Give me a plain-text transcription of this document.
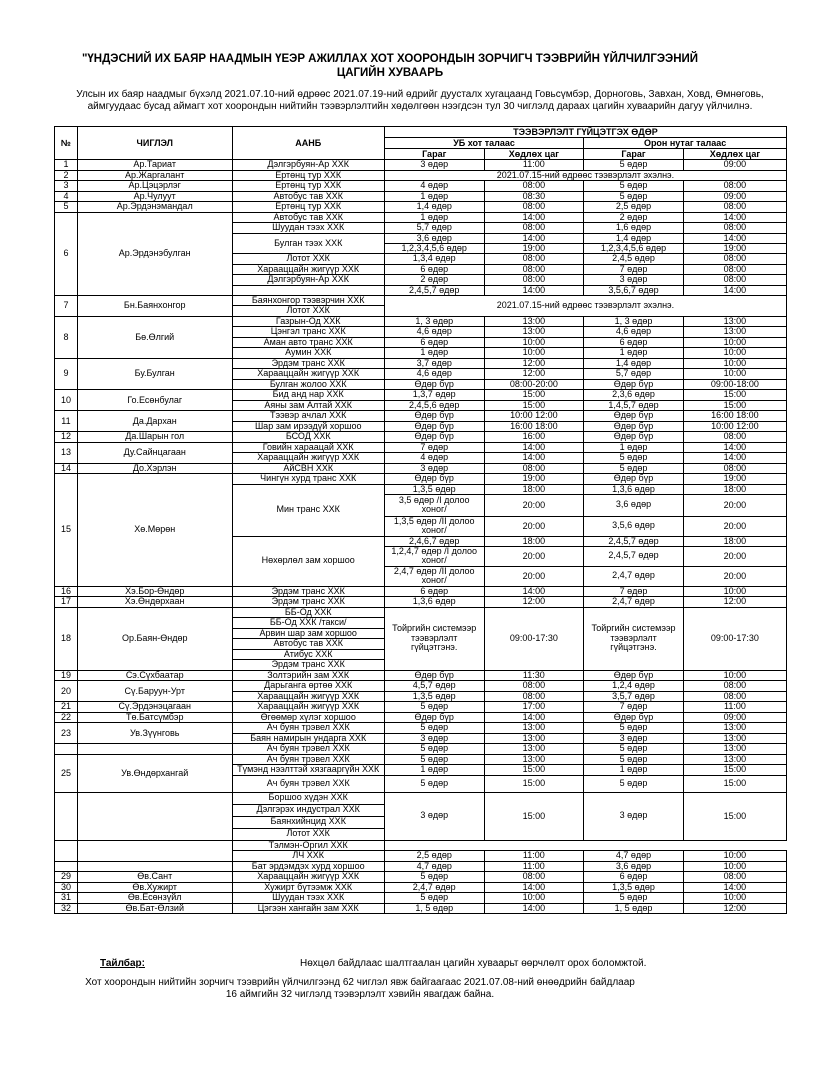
"ҮНДЭСНИЙ ИХ БАЯР НААДМЫН ҮЕЭР АЖИЛЛАХ ХОТ ХООРОНДЫН ЗОРЧИГЧ ТЭЭВРИЙН ҮЙЛЧИЛГЭЭНИЙ ЦАГИЙН ХУВААРЬ
Улсын их баяр наадмыг бүхэлд 2021.07.10-ний өдрөөс 2021.07.19-ний өдрийг дуусталх хугацаанд Говьсүмбэр, Дорноговь, Завхан, Ховд, Өмнөговь, аймгуудаас бусад аймагт хот хоорондын нийтийн тээвэрлэлтийн хөдөлгөөн нээгдсэн тул 30 чиглэлд дараах цагийн хуваарийн дагуу үйлчилнэ.
№	ЧИГЛЭЛ	ААНБ	ТЭЭВЭРЛЭЛТ ГҮЙЦЭТГЭХ ӨДӨР			
			УБ хот талаас		Орон нутаг талаас	
			Гараг	Хөдлөх цаг	Гараг	Хөдлөх цаг
1	Ар.Тариат	Дэлгэрбуян-Ар ХХК	3 өдөр	11:00	5 өдөр	09:00
2	Ар.Жаргалант	Ертөнц тур ХХК	2021.07.15-ний өдрөөс тээвэрлэлт эхэлнэ.			
3	Ар.Цэцэрлэг	Ертөнц тур ХХК	4 өдөр	08:00	5 өдөр	08:00
4	Ар.Чулуут	Автобус тав ХХК	1 өдөр	08:30	5 өдөр	09:00
5	Ар.Эрдэнэмандал	Ертөнц тур ХХК	1,4 өдөр	08:00	2,5 өдөр	08:00
6	Ар.Эрдэнэбулган	Автобус тав ХХК	1 өдөр	14:00	2 өдөр	14:00
		Шуудан тээх ХХК	5,7 өдөр	08:00	1,6 өдөр	08:00
		Булган тээх ХХК	3,6 өдөр	14:00	1,4 өдөр	14:00
			1,2,3,4,5,6 өдөр	19:00	1,2,3,4,5,6 өдөр	19:00
		Лотот ХХК	1,3,4 өдөр	08:00	2,4,5 өдөр	08:00
		Харааццайн жигүүр ХХК	6 өдөр	08:00	7 өдөр	08:00
		Дэлгэрбуян-Ар ХХК	2 өдөр	08:00	3 өдөр	08:00
			2,4,5,7 өдөр	14:00	3,5,6,7 өдөр	14:00
7	Бн.Баянхонгор	Баянхонгор тээвэрчин ХХК	2021.07.15-ний өдрөөс тээвэрлэлт эхэлнэ.			
		Лотот ХХК				
8	Бө.Өлгий	Газрын-Од ХХК	1, 3 өдөр	13:00	1, 3 өдөр	13:00
		Цэнгэл транс ХХК	4,6 өдөр	13:00	4,6 өдөр	13:00
		Аман авто транс ХХК	6 өдөр	10:00	6 өдөр	10:00
		Аумин ХХК	1 өдөр	10:00	1 өдөр	10:00
9	Бу.Булган	Эрдэм транс ХХК	3,7 өдөр	12:00	1,4 өдөр	10:00
		Харааццайн жигүүр ХХК	4,6 өдөр	12:00	5,7 өдөр	10:00
		Булган жолоо ХХК	Өдөр бүр	08:00-20:00	Өдөр бүр	09:00-18:00
10	Го.Есөнбулаг	Бид анд нар ХХК	1,3,7 өдөр	15:00	2,3,6 өдөр	15:00
		Аяны зам Алтай ХХК	2,4,5,6 өдөр	15:00	1,4,5,7 өдөр	15:00
11	Да.Дархан	Тээвэр ачлал ХХК	Өдөр бүр	10:00 12:00	Өдөр бүр	16:00 18:00
		Шар зам ирээдүй хоршоо	Өдөр бүр	16:00 18:00	Өдөр бүр	10:00 12:00
12	Да.Шарын гол	БСОД ХХК	Өдөр бүр	16:00	Өдөр бүр	08:00
13	Ду.Сайнцагаан	Говийн хараацай ХХК	7 өдөр	14:00	1 өдөр	14:00
		Харааццайн жигүүр ХХК	4 өдөр	14:00	5 өдөр	14:00
14	До.Хэрлэн	АйСВН ХХК	3 өдөр	08:00	5 өдөр	08:00
15	Хө.Мөрөн	Чингүн хурд транс ХХК	Өдөр бүр	19:00	Өдөр бүр	19:00
		Мин транс ХХК	1,3,5 өдөр	18:00	1,3,6 өдөр	18:00
			3,5 өдөр /I долоо хоног/	20:00	3,6 өдөр	20:00
			1,3,5 өдөр /II долоо хоног/	20:00	3,5,6 өдөр	20:00
		Нөхөрлөл зам хоршоо	2,4,6,7 өдөр	18:00	2,4,5,7 өдөр	18:00
			1,2,4,7 өдөр /I долоо хоног/	20:00	2,4,5,7 өдөр	20:00
			2,4,7 өдөр /II долоо хоног/	20:00	2,4,7 өдөр	20:00
16	Хэ.Бор-Өндөр	Эрдэм транс ХХК	6 өдөр	14:00	7 өдөр	10:00
17	Хэ.Өндөрхаан	Эрдэм транс ХХК	1,3,6 өдөр	12:00	2,4,7 өдөр	12:00
18	Ор.Баян-Өндөр	ББ-Од ХХК	Тойргийн системээр тээвэрлэлт гүйцэтгэнэ.	09:00-17:30	Тойргийн системээр тээвэрлэлт гүйцэтгэнэ.	09:00-17:30
		ББ-Од ХХК /такси/				
		Арвин шар зам хоршоо				
		Автобус тав ХХК				
		Атибус ХХК				
		Эрдэм транс ХХК				
19	Сэ.Сүхбаатар	Золтэрийн зам ХХК	Өдөр бүр	11:30	Өдөр бүр	10:00
20	Сү.Баруун-Урт	Дарьганга өртөө ХХК	4,5,7 өдөр	08:00	1,2,4 өдөр	08:00
		Харааццайн жигүүр ХХК	1,3,5 өдөр	08:00	3,5,7 өдөр	08:00
21	Сү.Эрдэнэцагаан	Харааццайн жигүүр ХХК	5 өдөр	17:00	7 өдөр	11:00
22	Тө.Батсүмбэр	Өгөөмөр хүлэг хоршоо	Өдөр бүр	14:00	Өдөр бүр	09:00
23	Ув.Зүүнговь	Ач буян трэвел ХХК	5 өдөр	13:00	5 өдөр	13:00
		Баян намирын ундарга ХХК	3 өдөр	13:00	3 өдөр	13:00
		Ач буян трэвел ХХК	5 өдөр	13:00	5 өдөр	13:00
25	Ув.Өндөрхангай	Ач буян трэвел ХХК	5 өдөр	13:00	5 өдөр	13:00
		Түмэнд нээлттэй хязгааргүйн ХХК	1 өдөр	15:00	1 өдөр	15:00
		Ач буян трэвел ХХК	5 өдөр	15:00	5 өдөр	15:00
		Боршоо хүдэн ХХК	3 өдөр	15:00	3 өдөр	15:00
		Дэлгэрэх индустрал ХХК				
		Баянхийнцид ХХК				
		Лотот ХХК				
		Тэлмэн-Оргил ХХК				
		ЛЧ ХХК	2,5 өдөр	11:00	4,7 өдөр	10:00
		Бат эрдэмдэх хурд хоршоо	4,7 өдөр	11:00	3,6 өдөр	10:00
29	Өв.Сант	Харааццайн жигүүр ХХК	5 өдөр	08:00	6 өдөр	08:00
30	Өв.Хужирт	Хужирт бүтээмж ХХК	2,4,7 өдөр	14:00	1,3,5 өдөр	14:00
31	Өв.Есөнзүйл	Шуудан тээх ХХК	5 өдөр	10:00	5 өдөр	10:00
32	Өв.Бат-Өлзий	Цэгээн хангайн зам ХХК	1, 5 өдөр	14:00	1, 5 өдөр	12:00
Тайлбар:	Нөхцөл байдлаас шалтгаалан цагийн хуваарьт өөрчлөлт орох боломжтой.
Хот хоорондын нийтийн зорчигч тээврийн үйлчилгээнд 62 чиглэл явж байгаагаас 2021.07.08-ний өнөөдрийн байдлаар 16 аймгийн 32 чиглэлд тээвэрлэлт хэвийн явагдаж байна.
